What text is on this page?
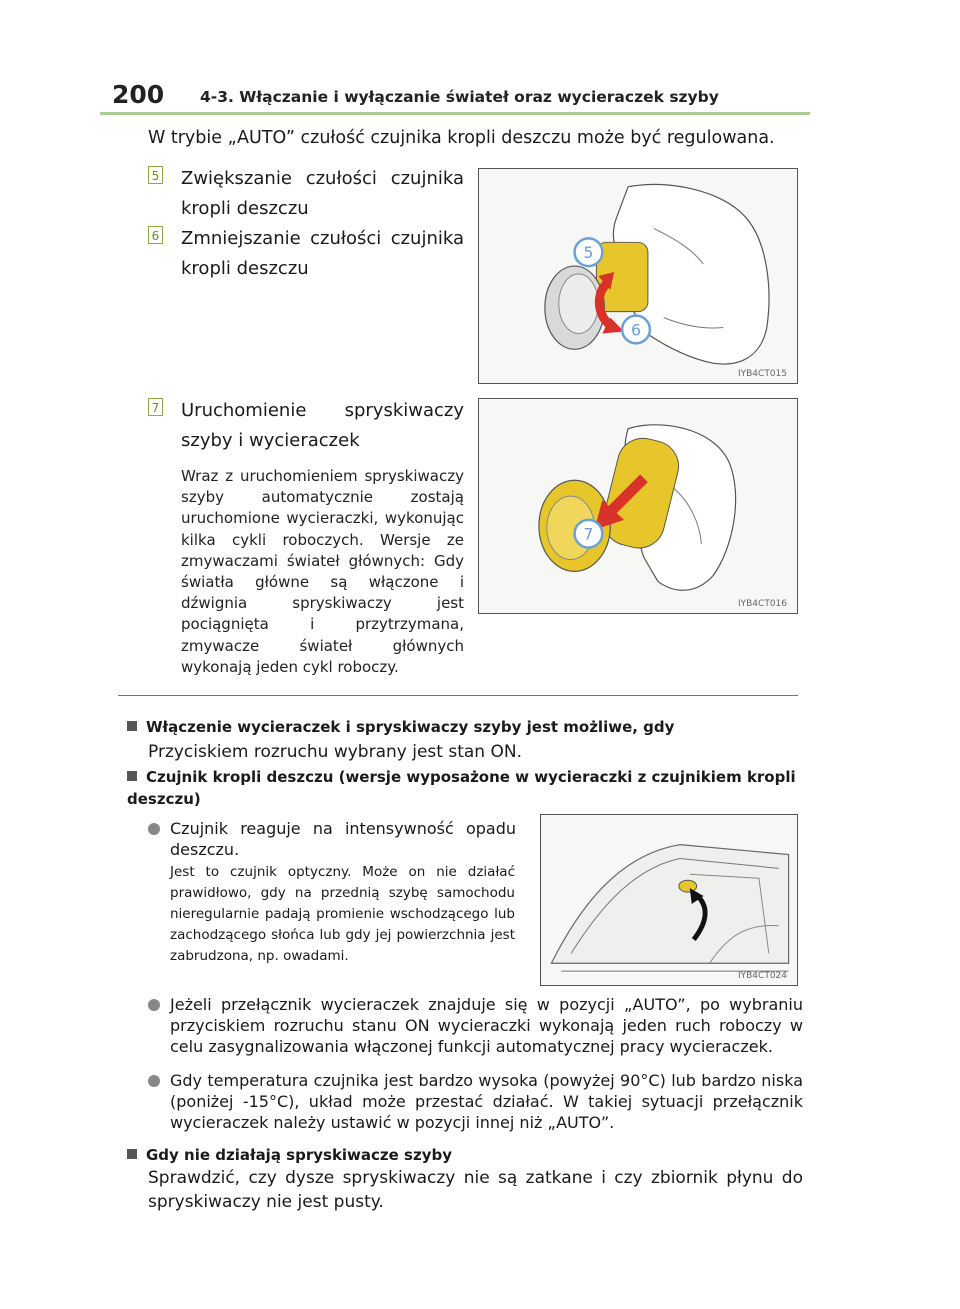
200 4-3. Włączanie i wyłączanie świateł oraz wycieraczek szyby
W trybie „AUTO” czułość czujnika kropli deszczu może być regulowana.
5 Zwiększanie czułości czujnika kropli deszczu
6 Zmniejszanie czułości czujnika kropli deszczu
5
6
IYB4CT015
7 Uruchomienie spryskiwaczy szyby i wycieraczek
Wraz z uruchomieniem spryskiwaczy szyby automatycznie zostają uruchomione wycieraczki, wykonując kilka cykli roboczych. Wersje ze zmywaczami świateł głównych: Gdy światła główne są włączone i dźwignia spryskiwaczy jest pociągnięta i przytrzymana, zmywacze świateł głównych wykonają jeden cykl roboczy.
7
IYB4CT016
Włączenie wycieraczek i spryskiwaczy szyby jest możliwe, gdy
Przyciskiem rozruchu wybrany jest stan ON.
Czujnik kropli deszczu (wersje wyposażone w wycieraczki z czujnikiem kropli deszczu)
Czujnik reaguje na intensywność opadu deszczu.
Jest to czujnik optyczny. Może on nie działać prawidłowo, gdy na przednią szybę samochodu nieregularnie padają promienie wschodzącego lub zachodzącego słońca lub gdy jej powierzchnia jest zabrudzona, np. owadami.
IYB4CT024
Jeżeli przełącznik wycieraczek znajduje się w pozycji „AUTO”, po wybraniu przyciskiem rozruchu stanu ON wycieraczki wykonają jeden ruch roboczy w celu zasygnalizowania włączonej funkcji automatycznej pracy wycieraczek.
Gdy temperatura czujnika jest bardzo wysoka (powyżej 90°C) lub bardzo niska (poniżej -15°C), układ może przestać działać. W takiej sytuacji przełącznik wycieraczek należy ustawić w pozycji innej niż „AUTO”.
Gdy nie działają spryskiwacze szyby
Sprawdzić, czy dysze spryskiwaczy nie są zatkane i czy zbiornik płynu do spryskiwaczy nie jest pusty.
